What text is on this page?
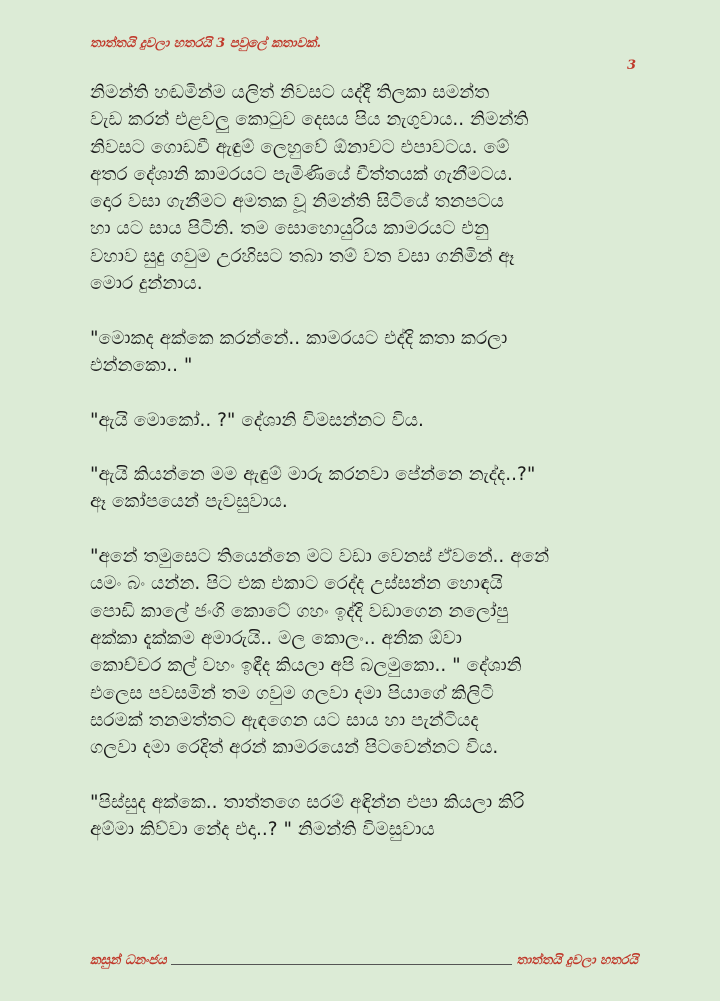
තාත්තයි දුවලා හතරයි 3 පවුලේ කතාවක්.
3

නිමන්ති හඬමින්ම යලිත් නිවසට යද්දී තිලකා සමන්ත
වැඩ කරන් එළවලු කොටුව දෙසය පිය නැගුවාය.. නිමන්ති
නිවසට ගොඩවී ඇඳුම් ලෙහුවේ ඕනාවට එපාවටය. මේ
අතර දේශානි කාමරයට පැමිණියේ චීත්තයක් ගැනීමටය.
දොර වසා ගැනීමට අමතක වූ නිමන්ති සිටියේ තනපටය
හා යට සාය පිටිනි. තම සොහොයුරිය කාමරයට එනු
වහාව සුදු ගවුම උරහිසට තබා තම් වත වසා ගනිමින් ඈ
මොර දුන්නාය.

"මොකද අක්කෙ කරන්නේ.. කාමරයට එද්දි කතා කරලා
එන්නකො.. "

"ඇයි මොකෝ.. ?" දේශානි විමසන්නට විය.

"ඇයි කියන්නෙ මම ඇඳුම් මාරු කරනවා පේන්නෙ නැද්ද..?"
ඈ කෝපයෙන් පැවසුවාය.

"අනේ තමුසෙට තියෙන්නෙ මට වඩා වෙනස් ඒවනේ.. අනේ
යමං බං යන්න. පිට එක එකාට රෙද්ද උස්සන්න හොඳයි
පොඩි කාලේ ජංගි කොටේ ගහං ඉද්දි වඩාගෙන නලෝපු
අක්කා දැක්කම අමාරුයි.. මල කොලං.. අනික ඕවා
කොච්චර කල් වහං ඉඳීද කියලා අපි බලමුකො.. " දේශානි
එලෙස පවසමින් තම ගවුම ගලවා දමා පියාගේ කිලිටි
සරමක් තනමත්තට ඇඳගෙන යට සාය හා පැන්ටියද
ගලවා දමා රෙදිත් අරන් කාමරයෙන් පිටවෙන්නට විය.

"පිස්සුද අක්කෙ.. තාත්තගෙ සරම් අඳින්න එපා කියලා කිරි
අම්මා කිව්වා නේද එදා..? " නිමන්ති විමසුවාය

කසුන් ධනංජය	තාත්තයි දුවලා හතරයි
